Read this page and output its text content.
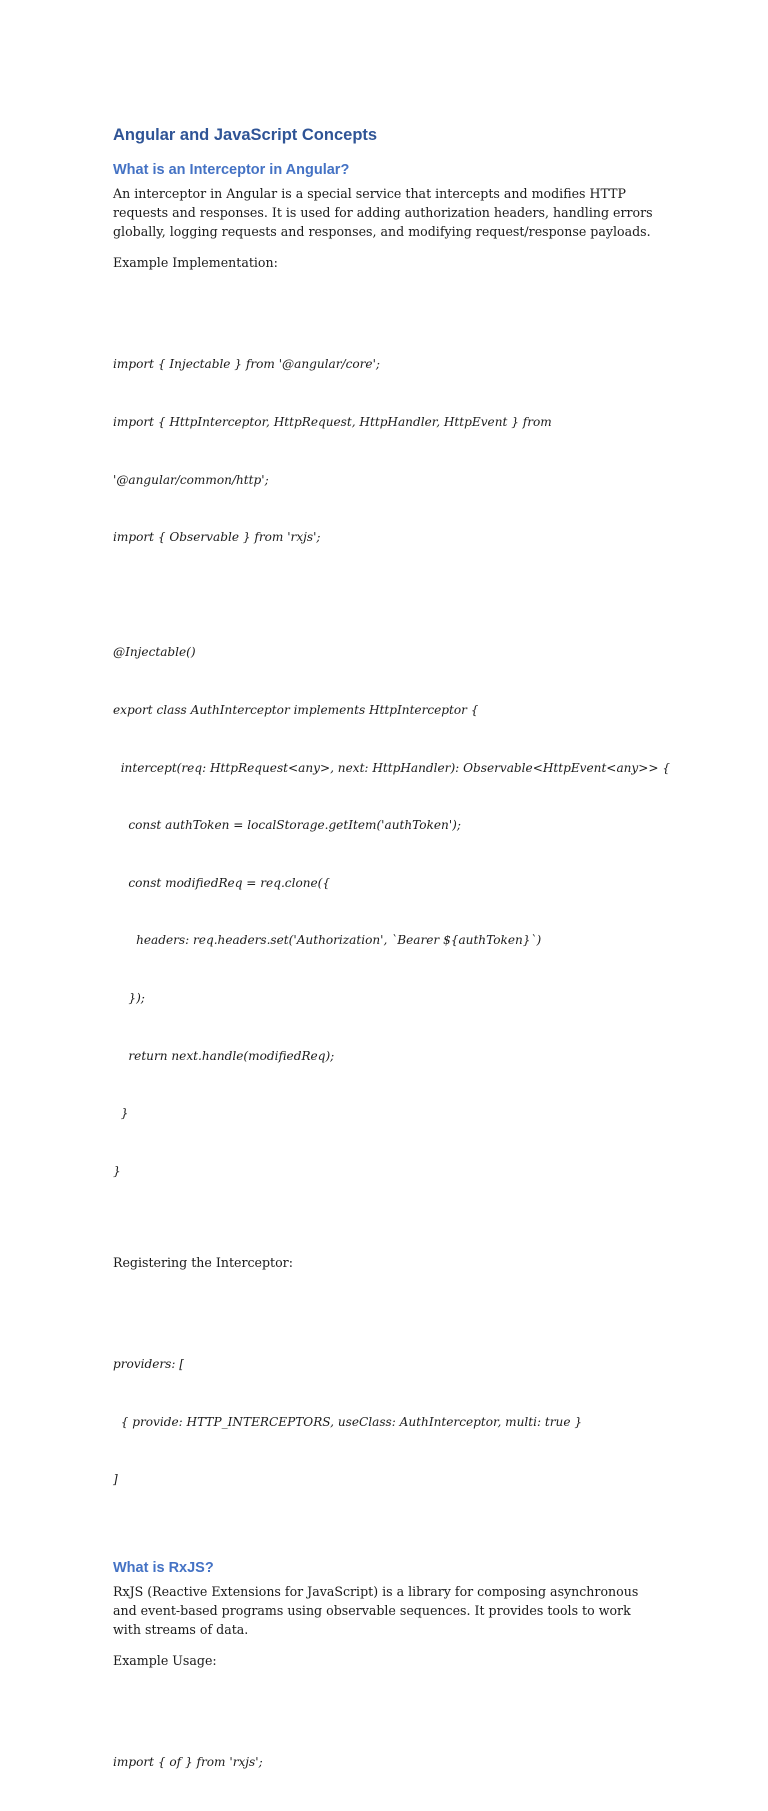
Angular and JavaScript Concepts
What is an Interceptor in Angular?

An interceptor in Angular is a special service that intercepts and modifies HTTP requests and responses. It is used for adding authorization headers, handling errors globally, logging requests and responses, and modifying request/response payloads.

Example Implementation:

import { Injectable } from '@angular/core';

import { HttpInterceptor, HttpRequest, HttpHandler, HttpEvent } from

'@angular/common/http';

import { Observable } from 'rxjs';

@Injectable()

export class AuthInterceptor implements HttpInterceptor {

intercept(req: HttpRequest<any>, next: HttpHandler): Observable<HttpEvent<any>> {

const authToken = localStorage.getItem('authToken');

const modifiedReq = req.clone({

headers: req.headers.set('Authorization', `Bearer ${authToken}`)

});

return next.handle(modifiedReq);

}

}

Registering the Interceptor:

providers: [

{ provide: HTTP_INTERCEPTORS, useClass: AuthInterceptor, multi: true }

]

What is RxJS?

RxJS (Reactive Extensions for JavaScript) is a library for composing asynchronous and event-based programs using observable sequences. It provides tools to work with streams of data.

Example Usage:

import { of } from 'rxjs';
